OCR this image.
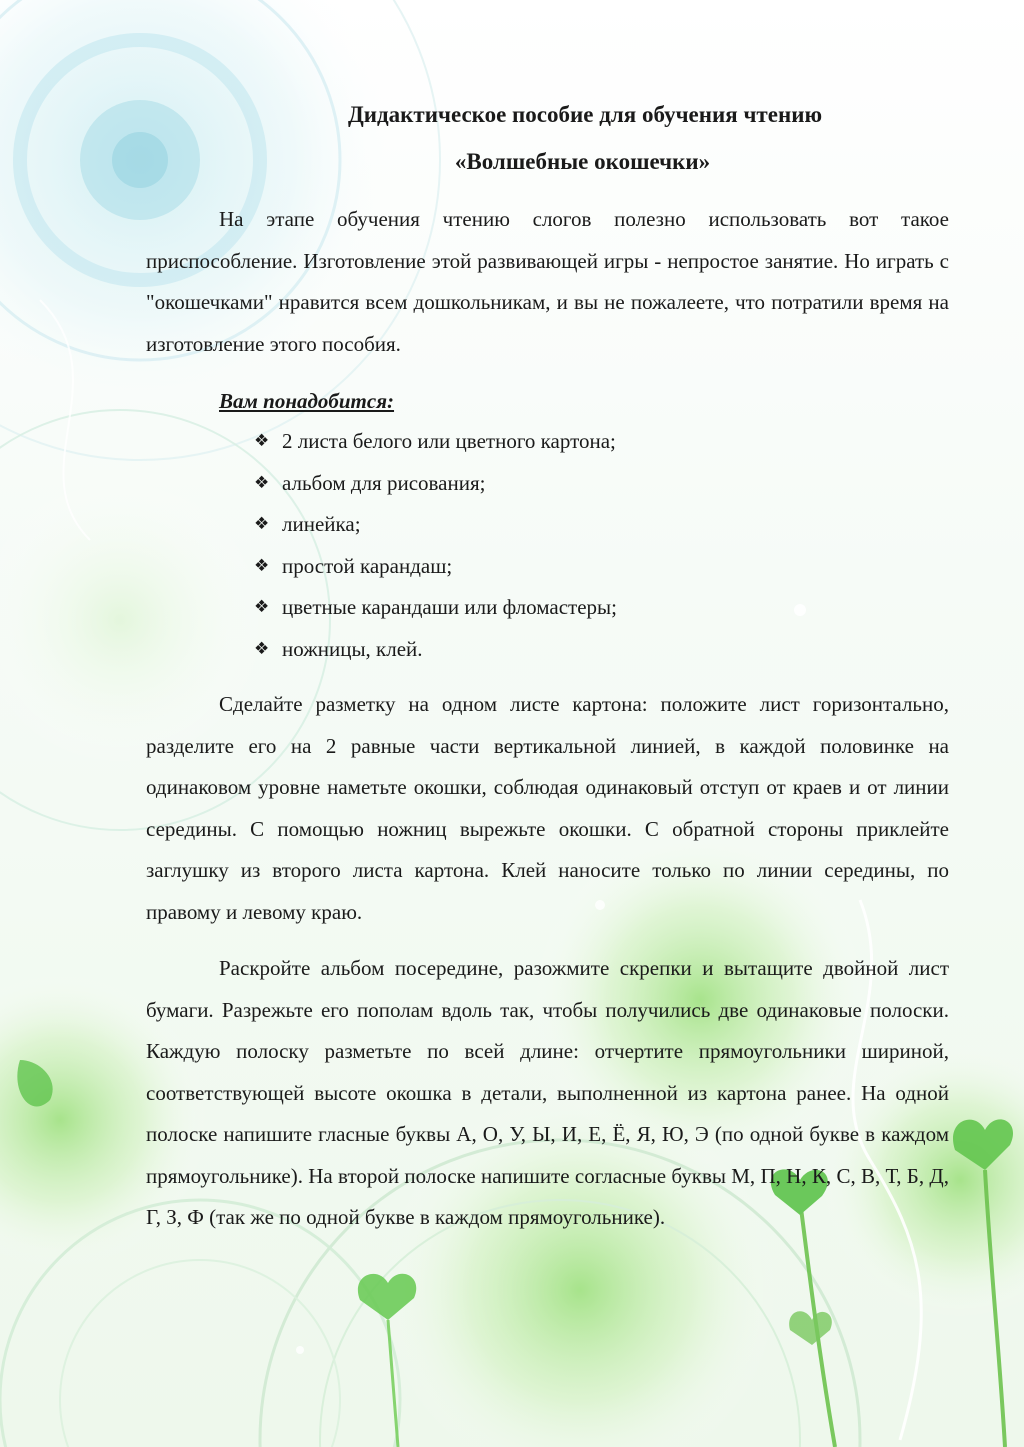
Дидактическое пособие для обучения чтению
«Волшебные окошечки»

На этапе обучения чтению слогов полезно использовать вот такое приспособление. Изготовление этой развивающей игры - непростое занятие. Но играть с "окошечками" нравится всем дошкольникам, и вы не пожалеете, что потратили время на изготовление этого пособия.

Вам понадобится:

❖ 2 листа белого или цветного картона;
❖ альбом для рисования;
❖ линейка;
❖ простой карандаш;
❖ цветные карандаши или фломастеры;
❖ ножницы, клей.

Сделайте разметку на одном листе картона: положите лист горизонтально, разделите его на 2 равные части вертикальной линией, в каждой половинке на одинаковом уровне наметьте окошки, соблюдая одинаковый отступ от краев и от линии середины. С помощью ножниц вырежьте окошки. С обратной стороны приклейте заглушку из второго листа картона. Клей наносите только по линии середины, по правому и левому краю.

Раскройте альбом посередине, разожмите скрепки и вытащите двойной лист бумаги. Разрежьте его пополам вдоль так, чтобы получились две одинаковые полоски. Каждую полоску разметьте по всей длине: отчертите прямоугольники шириной, соответствующей высоте окошка в детали, выполненной из картона ранее. На одной полоске напишите гласные буквы А, О, У, Ы, И, Е, Ё, Я, Ю, Э (по одной букве в каждом прямоугольнике). На второй полоске напишите согласные буквы М, П, Н, К, С, В, Т, Б, Д, Г, З, Ф (так же по одной букве в каждом прямоугольнике).
